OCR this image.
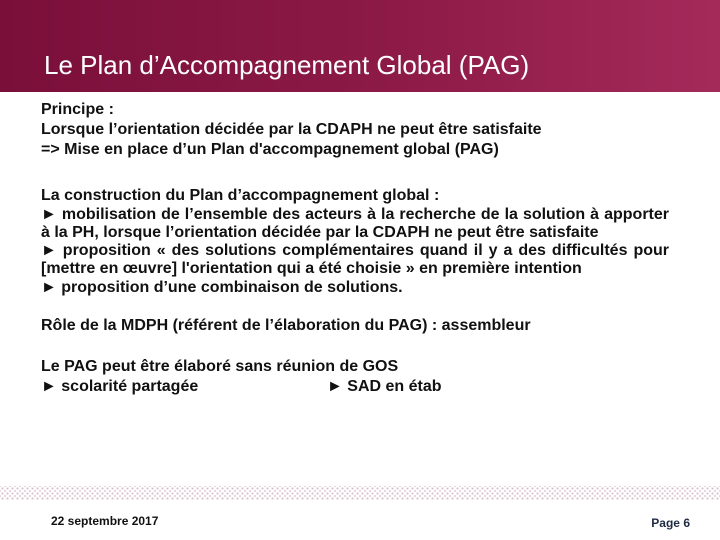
Le Plan d’Accompagnement Global (PAG)

Principe :

Lorsque l’orientation décidée par la CDAPH ne peut être satisfaite

=> Mise en place d’un Plan d'accompagnement global (PAG)

La construction du Plan d’accompagnement global :

► mobilisation de l’ensemble des acteurs à la recherche de la solution à apporter à la PH, lorsque l’orientation décidée par la CDAPH ne peut être satisfaite

► proposition « des solutions complémentaires quand il y a des difficultés pour [mettre en œuvre] l'orientation qui a été choisie » en première intention

► proposition d’une combinaison de solutions.

Rôle de la MDPH (référent de l’élaboration du PAG) : assembleur

Le PAG peut être élaboré sans réunion de GOS

► scolarité partagée	► SAD en étab
22 septembre 2017	Page 6
